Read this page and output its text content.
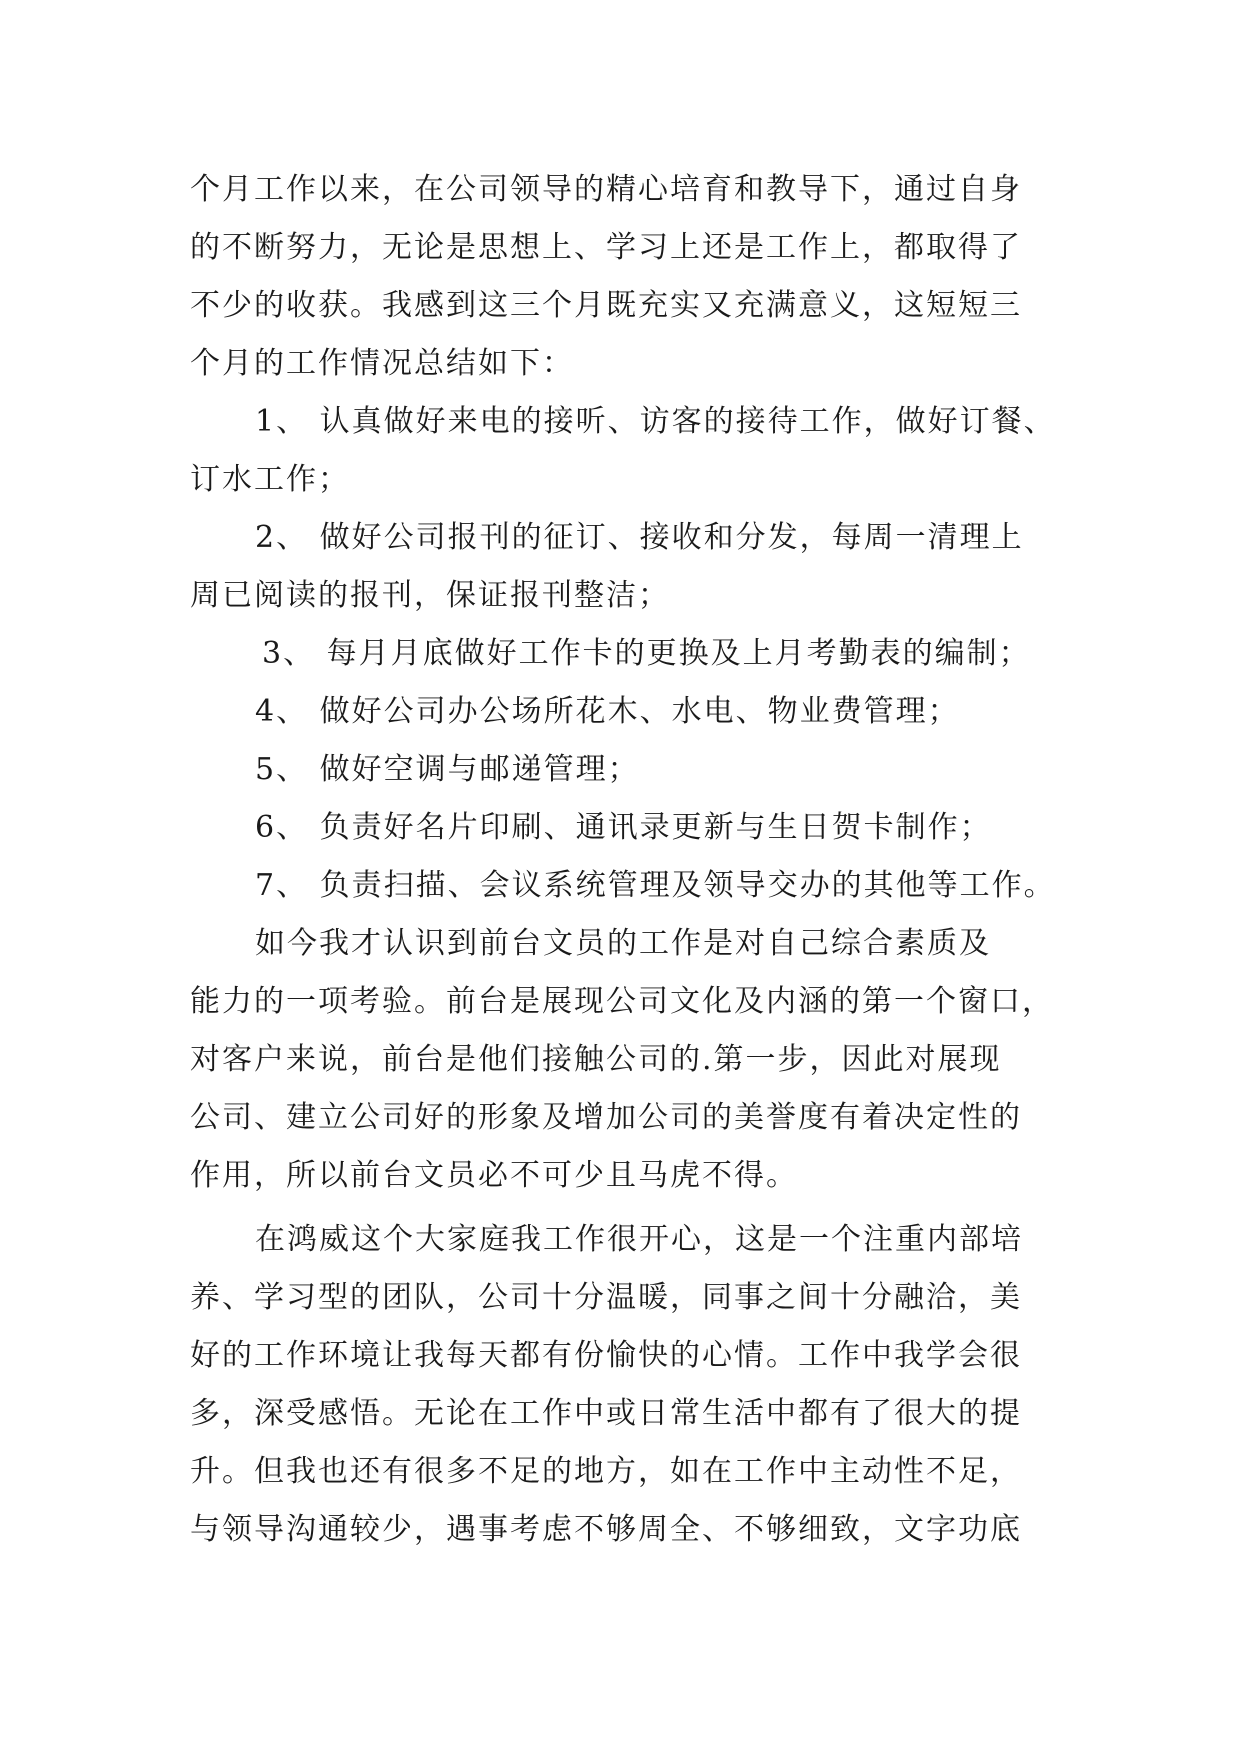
个月工作以来，在公司领导的精心培育和教导下，通过自身
的不断努力，无论是思想上、学习上还是工作上，都取得了
不少的收获。我感到这三个月既充实又充满意义，这短短三
个月的工作情况总结如下：
1、 认真做好来电的接听、访客的接待工作，做好订餐、
订水工作；
2、 做好公司报刊的征订、接收和分发，每周一清理上
周已阅读的报刊，保证报刊整洁；
3、 每月月底做好工作卡的更换及上月考勤表的编制；
4、 做好公司办公场所花木、水电、物业费管理；
5、 做好空调与邮递管理；
6、 负责好名片印刷、通讯录更新与生日贺卡制作；
7、 负责扫描、会议系统管理及领导交办的其他等工作。
如今我才认识到前台文员的工作是对自己综合素质及
能力的一项考验。前台是展现公司文化及内涵的第一个窗口，
对客户来说，前台是他们接触公司的.第一步，因此对展现
公司、建立公司好的形象及增加公司的美誉度有着决定性的
作用，所以前台文员必不可少且马虎不得。
在鸿威这个大家庭我工作很开心，这是一个注重内部培
养、学习型的团队，公司十分温暖，同事之间十分融洽，美
好的工作环境让我每天都有份愉快的心情。工作中我学会很
多，深受感悟。无论在工作中或日常生活中都有了很大的提
升。但我也还有很多不足的地方，如在工作中主动性不足，
与领导沟通较少，遇事考虑不够周全、不够细致，文字功底
